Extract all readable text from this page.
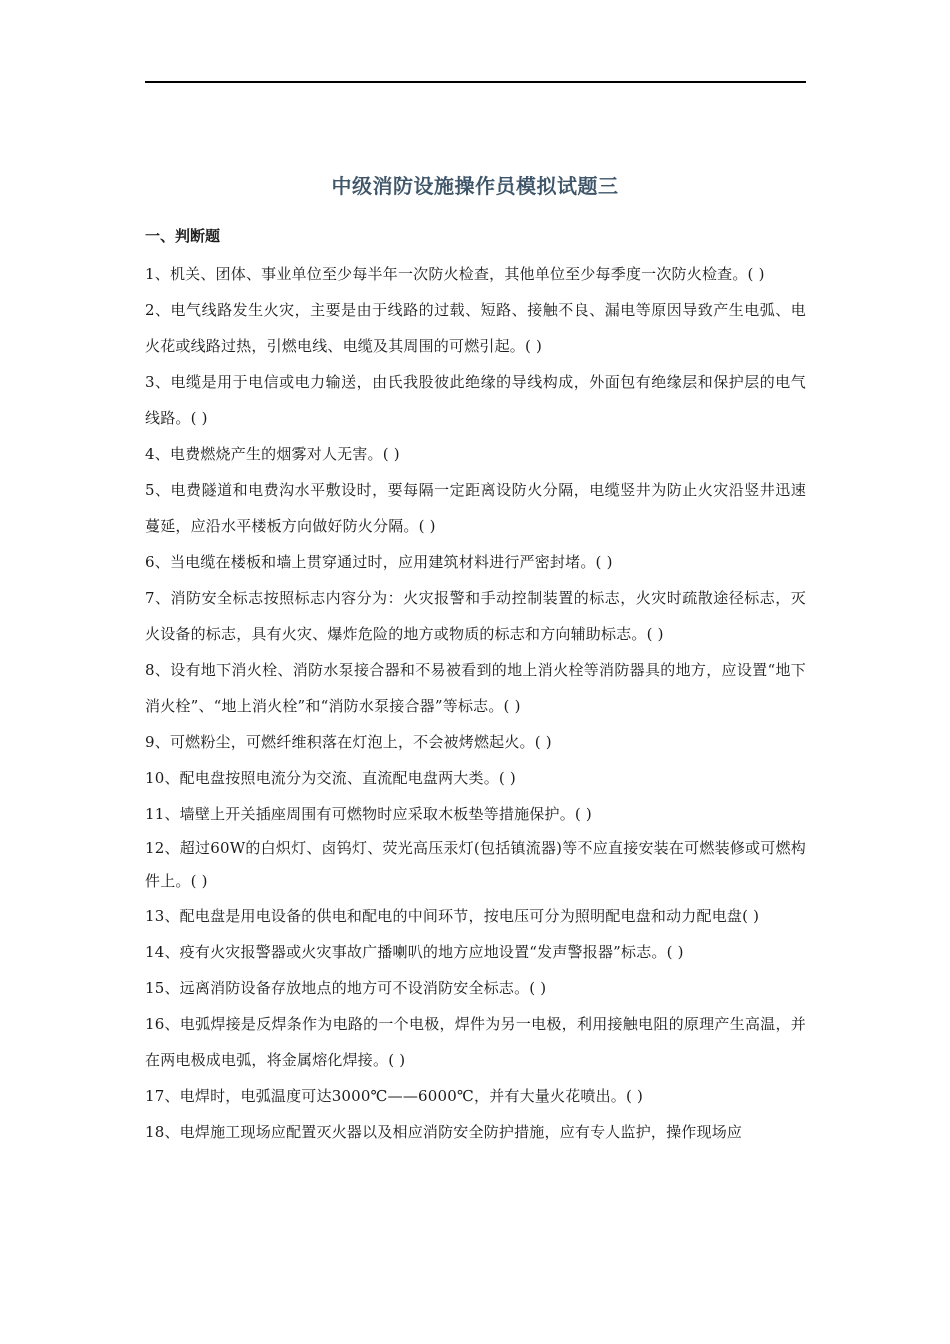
中级消防设施操作员模拟试题三
一、判断题
1、机关、团体、事业单位至少每半年一次防火检查，其他单位至少每季度一次防火检查。( )
2、电气线路发生火灾，主要是由于线路的过载、短路、接触不良、漏电等原因导致产生电弧、电火花或线路过热，引燃电线、电缆及其周围的可燃引起。( )
3、电缆是用于电信或电力输送，由氏我股彼此绝缘的导线构成，外面包有绝缘层和保护层的电气线路。( )
4、电费燃烧产生的烟雾对人无害。( )
5、电费隧道和电费沟水平敷设时，要每隔一定距离设防火分隔，电缆竖井为防止火灾沿竖井迅速蔓延，应沿水平楼板方向做好防火分隔。( )
6、当电缆在楼板和墙上贯穿通过时，应用建筑材料进行严密封堵。( )
7、消防安全标志按照标志内容分为：火灾报警和手动控制装置的标志，火灾时疏散途径标志，灭火设备的标志，具有火灾、爆炸危险的地方或物质的标志和方向辅助标志。( )
8、设有地下消火栓、消防水泵接合器和不易被看到的地上消火栓等消防器具的地方，应设置“地下消火栓”、“地上消火栓”和“消防水泵接合器”等标志。( )
9、可燃粉尘，可燃纤维积落在灯泡上，不会被烤燃起火。( )
10、配电盘按照电流分为交流、直流配电盘两大类。( )
11、墙壁上开关插座周围有可燃物时应采取木板垫等措施保护。( )
12、超过60W的白炽灯、卤钨灯、荧光高压汞灯(包括镇流器)等不应直接安装在可燃装修或可燃构件上。( )
13、配电盘是用电设备的供电和配电的中间环节，按电压可分为照明配电盘和动力配电盘( )
14、疫有火灾报警器或火灾事故广播喇叭的地方应地设置“发声警报器”标志。( )
15、远离消防设备存放地点的地方可不设消防安全标志。( )
16、电弧焊接是反焊条作为电路的一个电极，焊件为另一电极，利用接触电阻的原理产生高温，并在两电极成电弧，将金属熔化焊接。( )
17、电焊时，电弧温度可达3000℃——6000℃，并有大量火花喷出。( )
18、电焊施工现场应配置灭火器以及相应消防安全防护措施，应有专人监护，操作现场应
